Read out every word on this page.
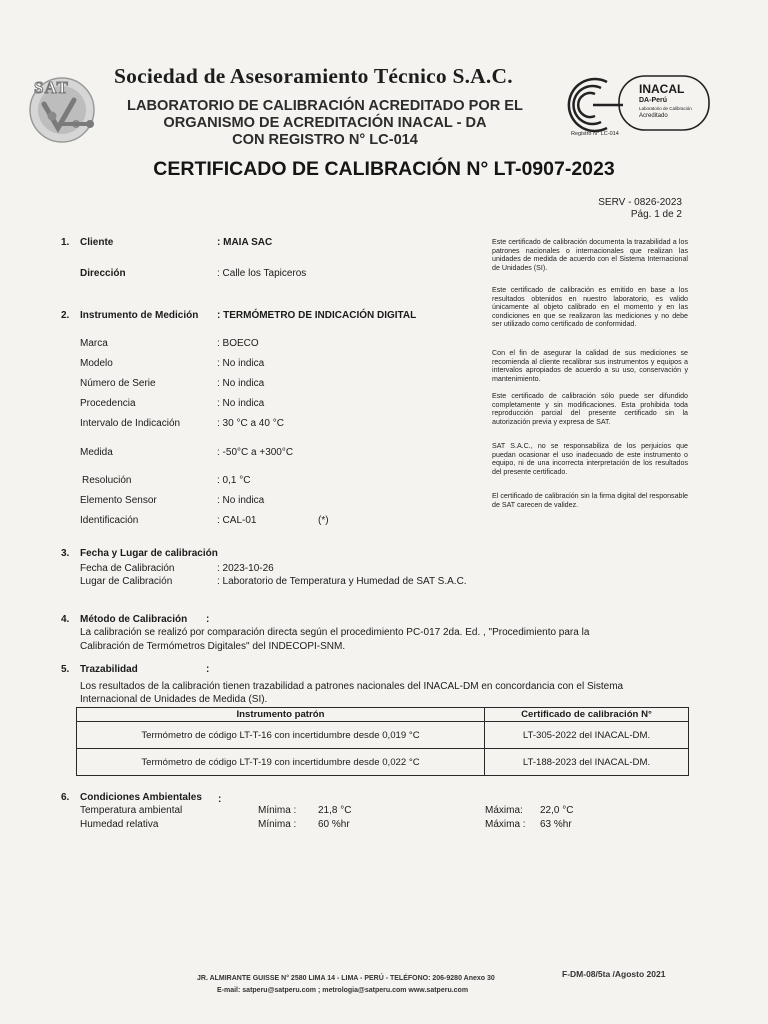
SAT Sociedad de Asesoramiento Técnico S.A.C.
LABORATORIO DE CALIBRACIÓN ACREDITADO POR EL
ORGANISMO DE ACREDITACIÓN INACAL - DA
CON REGISTRO N° LC-014
INACAL
DA-Perú
Laboratorio de Calibración
Acreditado
Registro N° LC-014
CERTIFICADO DE CALIBRACIÓN N° LT-0907-2023
SERV - 0826-2023
Pág. 1 de 2
1. Cliente	: MAIA SAC
Dirección	: Calle los Tapiceros
2. Instrumento de Medición : TERMÓMETRO DE INDICACIÓN DIGITAL
Marca	: BOECO
Modelo	: No indica
Número de Serie	: No indica
Procedencia	: No indica
Intervalo de Indicación	: 30 °C a 40 °C
Medida	: -50°C a +300°C
Resolución	: 0,1 °C
Elemento Sensor	: No indica
Identificación	: CAL-01	(*)
3. Fecha y Lugar de calibración
Fecha de Calibración	: 2023-10-26
Lugar de Calibración	: Laboratorio de Temperatura y Humedad de SAT S.A.C.
4. Método de Calibración :
La calibración se realizó por comparación directa según el procedimiento PC-017 2da. Ed. , "Procedimiento para la
Calibración de Termómetros Digitales" del INDECOPI-SNM.
5. Trazabilidad	:
Los resultados de la calibración tienen trazabilidad a patrones nacionales del INACAL-DM en concordancia con el Sistema
Internacional de Unidades de Medida (SI).
Instrumento patrón	Certificado de calibración N°
Termómetro de código LT-T-16 con incertidumbre desde 0,019 °C	LT-305-2022 del INACAL-DM.
Termómetro de código LT-T-19 con incertidumbre desde 0,022 °C	LT-188-2023 del INACAL-DM.
6. Condiciones Ambientales :
Temperatura ambiental	Mínima : 21,8 °C	Máxima: 22,0 °C
Humedad relativa	Mínima : 60 %hr	Máxima : 63 %hr
Este certificado de calibración documenta la trazabilidad a los patrones nacionales o internacionales que realizan las unidades de medida de acuerdo con el Sistema Internacional de Unidades (SI).
Este certificado de calibración es emitido en base a los resultados obtenidos en nuestro laboratorio, es valido únicamente al objeto calibrado en el momento y en las condiciones en que se realizaron las mediciones y no debe ser utilizado como certificado de conformidad.
Con el fin de asegurar la calidad de sus mediciones se recomienda al cliente recalibrar sus instrumentos y equipos a intervalos apropiados de acuerdo a su uso, conservación y mantenimiento.
Este certificado de calibración sólo puede ser difundido completamente y sin modificaciones. Esta prohibida toda reproducción parcial del presente certificado sin la autorización previa y expresa de SAT.
SAT S.A.C., no se responsabiliza de los perjuicios que puedan ocasionar el uso inadecuado de este instrumento o equipo, ni de una incorrecta interpretación de los resultados del presente certificado.
El certificado de calibración sin la firma digital del responsable de SAT carecen de validez.
JR. ALMIRANTE GUISSE N° 2580 LIMA 14 - LIMA - PERÚ - TELÉFONO: 206-9280 Anexo 30
E-mail: satperu@satperu.com ; metrologia@satperu.com www.satperu.com
F-DM-08/5ta /Agosto 2021
